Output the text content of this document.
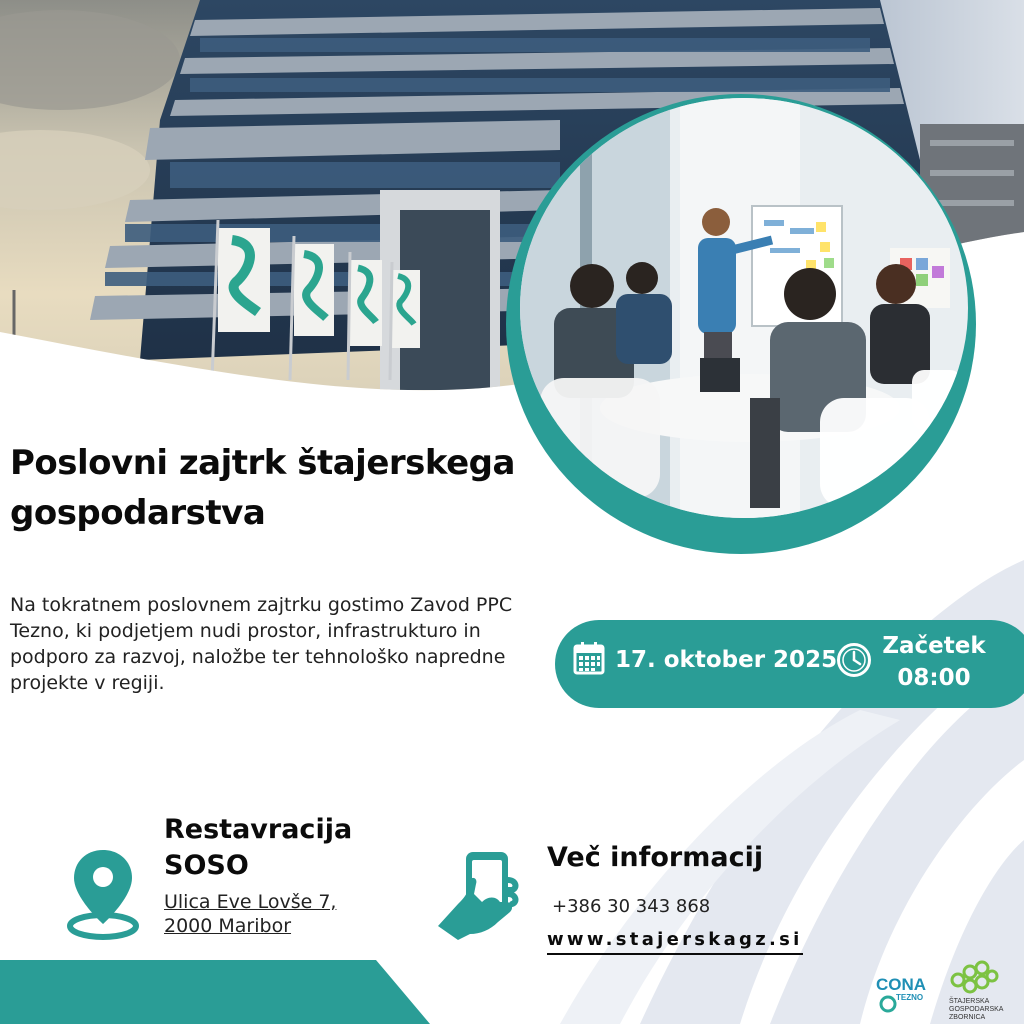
Poslovni zajtrk štajerskega gospodarstva

Na tokratnem poslovnem zajtrku gostimo Zavod PPC Tezno, ki podjetjem nudi prostor, infrastrukturo in podporo za razvoj, naložbe ter tehnološko napredne projekte v regiji.

17. oktober 2025
Začetek
08:00
Restavracija
SOSO
Ulica Eve Lovše 7,
2000 Maribor
Več informacij
+386 30 343 868
www.stajerskagz.si
CONA
TEZNO	ŠTAJERSKA GOSPODARSKA ZBORNICA
